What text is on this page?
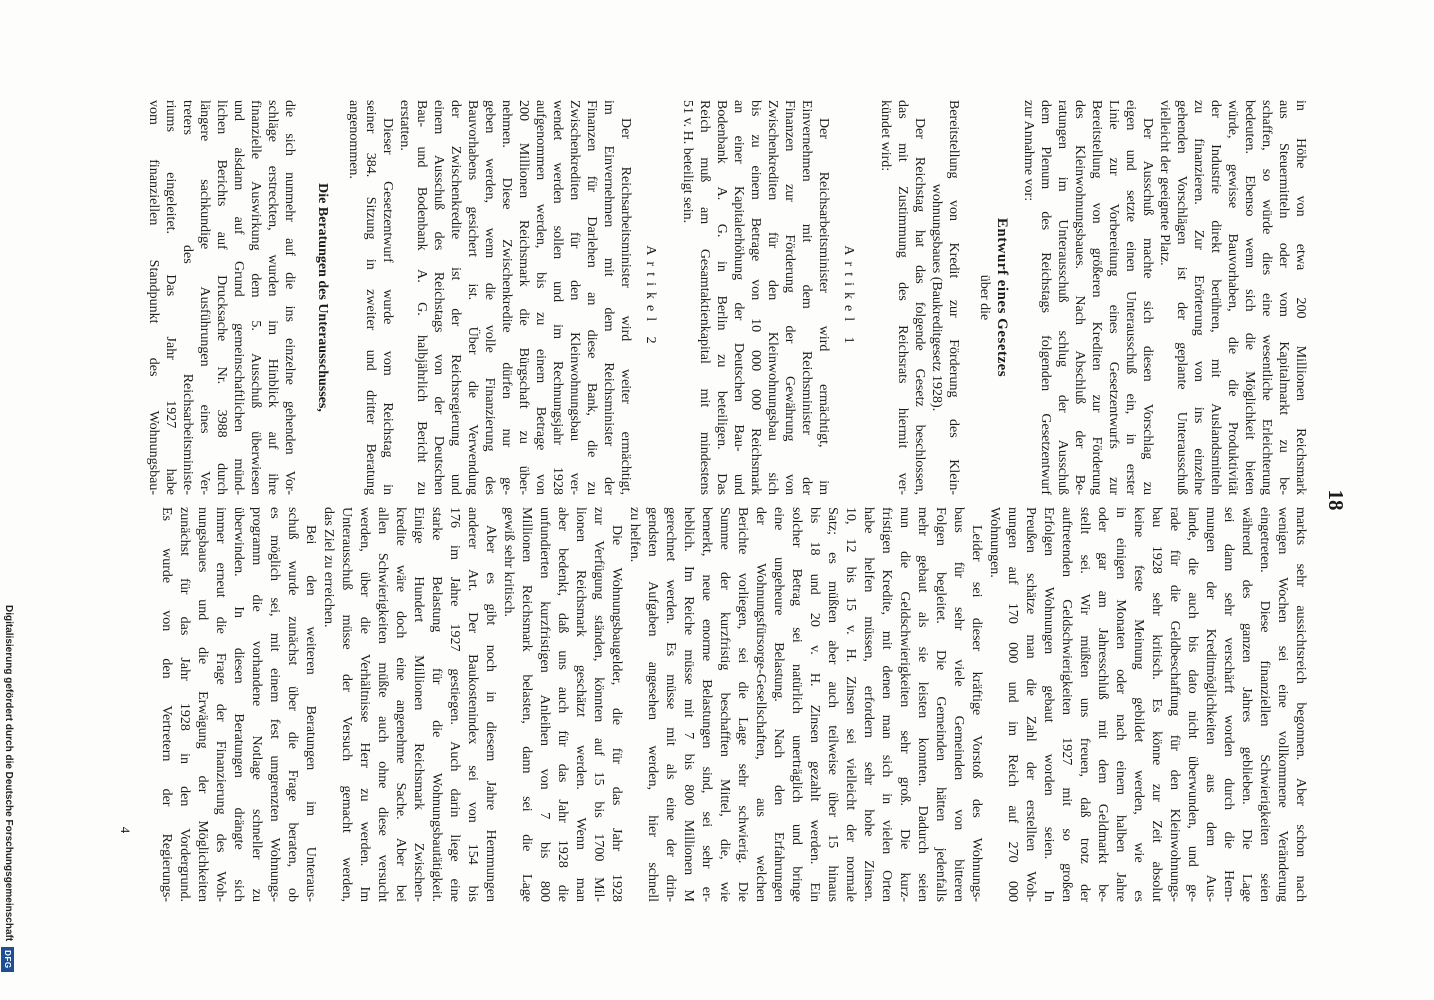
18
in Höhe von etwa 200 Millionen Reichsmark
aus Steuermitteln oder vom Kapitalmarkt zu be-
schaffen, so würde dies eine wesentliche Erleichterung
bedeuten. Ebenso wenn sich die Möglichkeit bieten
würde, gewisse Bauvorhaben, die die Produktivität
der Industrie direkt berühren, mit Auslandsmitteln
zu finanzieren. Zur Erörterung von ins einzelne
gehenden Vorschlägen ist der geplante Unterausschuß
vielleicht der geeignete Platz.
Der Ausschuß machte sich diesen Vorschlag zu
eigen und setzte einen Unterausschuß ein, in erster
Linie zur Vorbereitung eines Gesetzentwurfs zur
Bereitstellung von größeren Krediten zur Förderung
des Kleinwohnungsbaues. Nach Abschluß der Be-
ratungen im Unterausschuß schlug der Ausschuß
dem Plenum des Reichstags folgenden Gesetzentwurf
zur Annahme vor:
Entwurf eines Gesetzes
über die
Bereitstellung von Kredit zur Förderung des Klein-
wohnungsbaues (Baukreditgesetz 1928).
Der Reichstag hat das folgende Gesetz beschlossen,
das mit Zustimmung des Reichsrats hiermit ver-
kündet wird:
Artikel 1
Der Reichsarbeitsminister wird ermächtigt, im
Einvernehmen mit dem Reichsminister der
Finanzen zur Förderung der Gewährung von
Zwischenkrediten für den Kleinwohnungsbau sich
bis zu einem Betrage von 10 000 000 Reichsmark
an einer Kapitalerhöhung der Deutschen Bau- und
Bodenbank A. G. in Berlin zu beteiligen. Das
Reich muß am Gesamtaktienkapital mit mindestens
51 v. H. beteiligt sein.
Artikel 2
Der Reichsarbeitsminister wird weiter ermächtigt,
im Einvernehmen mit dem Reichsminister der
Finanzen für Darlehen an diese Bank, die zu
Zwischenkrediten für den Kleinwohnungsbau ver-
wendet werden sollen und im Rechnungsjahr 1928
aufgenommen werden, bis zu einem Betrage von
200 Millionen Reichsmark die Bürgschaft zu über-
nehmen. Diese Zwischenkredite dürfen nur ge-
geben werden, wenn die volle Finanzierung des
Bauvorhabens gesichert ist. Über die Verwendung
der Zwischenkredite ist der Reichsregierung und
einem Ausschuß des Reichstags von der Deutschen
Bau- und Bodenbank A. G. halbjährlich Bericht zu
erstatten.
Dieser Gesetzentwurf wurde vom Reichstag in
seiner 384. Sitzung in zweiter und dritter Beratung
angenommen.
Die Beratungen des Unterausschusses,
die sich nunmehr auf die ins einzelne gehenden Vor-
schläge erstreckten, wurden im Hinblick auf ihre
finanzielle Auswirkung dem 5. Ausschuß überwiesen
und alsdann auf Grund gemeinschaftlichen münd-
lichen Berichts auf Drucksache Nr. 3988 durch
längere sachkundige Ausführungen eines Ver-
treters des Reichsarbeitsministe-
riums eingeleitet. Das Jahr 1927 habe
vom finanziellen Standpunkt des Wohnungsbau-
markts sehr aussichtsreich begonnen. Aber schon nach
wenigen Wochen sei eine vollkommene Veränderung
eingetreten. Diese finanziellen Schwierigkeiten seien
während des ganzen Jahres geblieben. Die Lage
sei dann sehr verschärft worden durch die Hem-
mungen der Kreditmöglichkeiten aus dem Aus-
lande, die auch bis dato nicht überwunden, und ge-
rade für die Geldbeschaffung für den Kleinwohnungs-
bau 1928 sehr kritisch. Es könne zur Zeit absolut
keine feste Meinung gebildet werden, wie es
in einigen Monaten oder nach einem halben Jahre
oder gar am Jahresschluß mit dem Geldmarkt be-
stellt sei. Wir müßten uns freuen, daß trotz der
auftretenden Geldschwierigkeiten 1927 mit so großen
Erfolgen Wohnungen gebaut worden seien. In
Preußen schätze man die Zahl der erstellten Woh-
nungen auf 170 000 und im Reich auf 270 000
Wohnungen.
Leider sei dieser kräftige Vorstoß des Wohnungs-
baus für sehr viele Gemeinden von bitteren
Folgen begleitet. Die Gemeinden hätten jedenfalls
mehr gebaut als sie leisten konnten. Dadurch seien
nun die Geldschwierigkeiten sehr groß. Die kurz-
fristigen Kredite, mit denen man sich in vielen Orten
habe helfen müssen, erfordern sehr hohe Zinsen.
10, 12 bis 15 v. H. Zinsen sei vielleicht der normale
Satz; es müßten aber auch teilweise über 15 hinaus
bis 18 und 20 v. H. Zinsen gezahlt werden. Ein
solcher Betrag sei natürlich unerträglich und bringe
eine ungeheure Belastung. Nach den Erfahrungen
der Wohnungsfürsorge-Gesellschaften, aus welchen
Berichte vorliegen, sei die Lage sehr schwierig. Die
Summe der kurzfristig beschafften Mittel, die, wie
bemerkt, neue enorme Belastungen sind, sei sehr er-
heblich. Im Reiche müsse mit 7 bis 800 Millionen M
gerechnet werden. Es müsse mit als eine der drin-
gendsten Aufgaben angesehen werden, hier schnell
zu helfen.
Die Wohnungsbaugelder, die für das Jahr 1928
zur Verfügung ständen, könnten auf 15 bis 1700 Mil-
lionen Reichsmark geschätzt werden. Wenn man
aber bedenkt, daß uns auch für das Jahr 1928 die
unfundierten kurzfristigen Anleihen von 7 bis 800
Millionen Reichsmark belasten, dann sei die Lage
gewiß sehr kritisch.
Aber es gibt noch in diesem Jahre Hemmungen
anderer Art. Der Baukostenindex sei von 154 bis
176 im Jahre 1927 gestiegen. Auch darin liege eine
starke Belastung für die Wohnungsbautätigkeit.
Einige Hundert Millionen Reichsmark Zwischen-
kredite wäre doch eine angenehme Sache. Aber bei
allen Schwierigkeiten müßte auch ohne diese versucht
werden, über die Verhältnisse Herr zu werden. Im
Unterausschuß müsse der Versuch gemacht werden,
das Ziel zu erreichen.
Bei den weiteren Beratungen im Unteraus-
schuß wurde zunächst über die Frage beraten, ob
es möglich sei, mit einem fest umgrenzten Wohnungs-
programm die vorhandene Notlage schneller zu
überwinden. In diesen Beratungen drängte sich
immer erneut die Frage der Finanzierung des Woh-
nungsbaues und die Erwägung der Möglichkeiten
zunächst für das Jahr 1928 in den Vordergrund.
Es wurde von den Vertretern der Regierungs-
4
Digitalisierung gefördert durch die Deutsche Forschungsgemeinschaft
DFG
